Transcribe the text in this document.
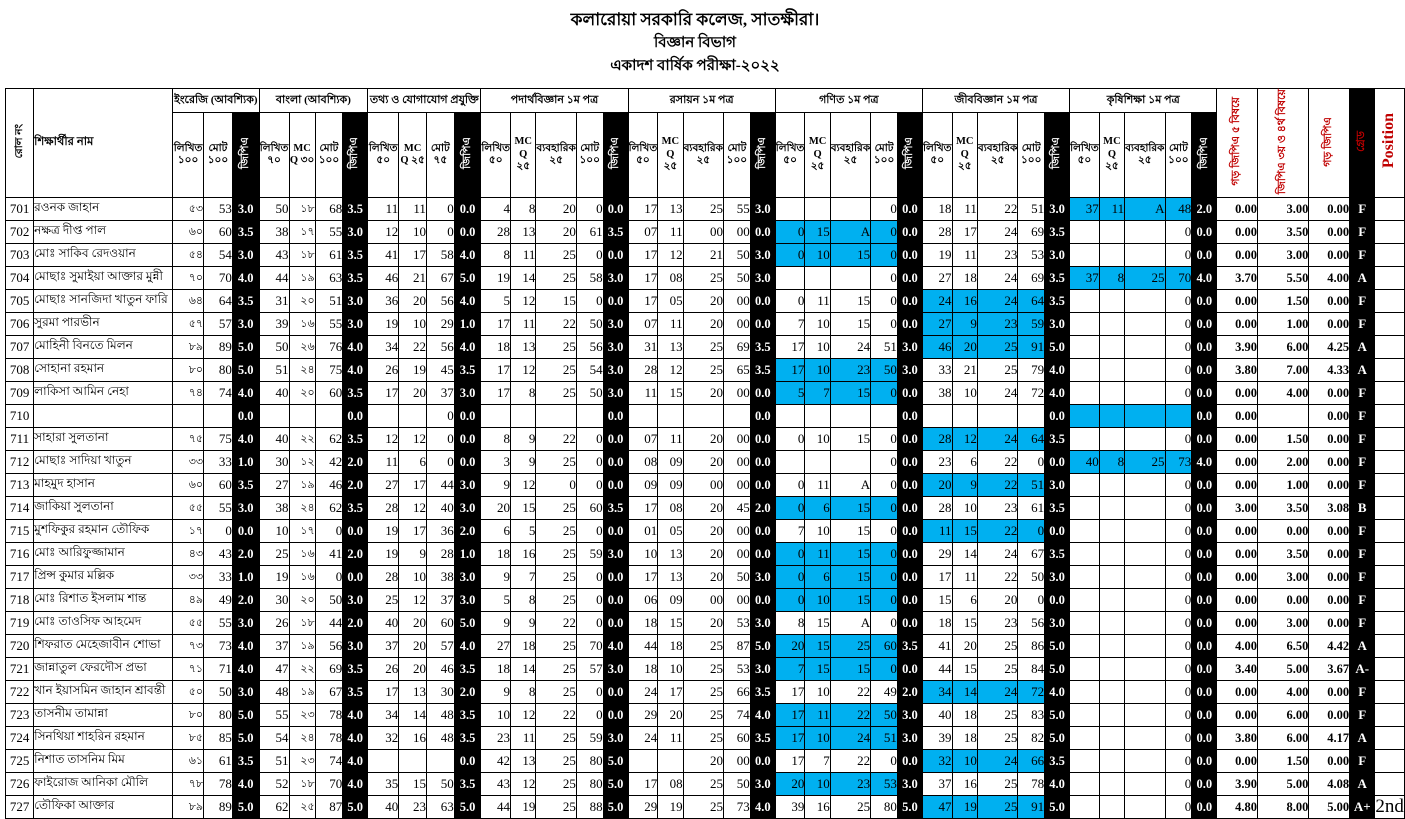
কলারোয়া সরকারি কলেজ, সাতক্ষীরা।
বিজ্ঞান বিভাগ
একাদশ বার্ষিক পরীক্ষা-২০২২
রোল নং	শিক্ষার্থীর নাম	ইংরেজি (আবশ্যিক)			বাংলা (আবশ্যিক)				তথ্য ও যোগাযোগ প্রযুক্তি				পদার্থবিজ্ঞান ১ম পত্র					রসায়ন ১ম পত্র					গণিত ১ম পত্র					জীববিজ্ঞান ১ম পত্র					কৃষিশিক্ষা ১ম পত্র					গড় জিপিএ ৫ বিষয়ে	জিপিএ ৩য় ও ৪র্থ বিষয়ে	গড় জিপিএ	গ্রেড	Position
		লিখিত ১০০	মোট ১০০	জিপিএ	লিখিত ৭০	MC Q ৩০	মোট ১০০	জিপিএ	লিখিত ৫০	MC Q ২৫	মোট ৭৫	জিপিএ	লিখিত ৫০	MC Q ২৫	ব্যবহারিক ২৫	মোট ১০০	জিপিএ	লিখিত ৫০	MC Q ২৫	ব্যবহারিক ২৫	মোট ১০০	জিপিএ	লিখিত ৫০	MC Q ২৫	ব্যবহারিক ২৫	মোট ১০০	জিপিএ	লিখিত ৫০	MC Q ২৫	ব্যবহারিক ২৫	মোট ১০০	জিপিএ	লিখিত ৫০	MC Q ২৫	ব্যবহারিক ২৫	মোট ১০০	জিপিএ					
701	রওনক জাহান	৫৩	53	3.0	50	১৮	68	3.5	11	11	0	0.0	4	8	20	0	0.0	17	13	25	55	3.0				0	0.0	18	11	22	51	3.0	37	11	A	48	2.0	0.00	3.00	0.00	F	
702	নক্ষত্র দীপ্ত পাল	৬০	60	3.5	38	১৭	55	3.0	12	10	0	0.0	28	13	20	61	3.5	07	11	00	00	0.0	0	15	A	0	0.0	28	17	24	69	3.5				0	0.0	0.00	3.50	0.00	F	
703	মোঃ সাকিব রেদওয়ান	৫৪	54	3.0	43	১৮	61	3.5	41	17	58	4.0	8	11	25	0	0.0	17	12	21	50	3.0	0	10	15	0	0.0	19	11	23	53	3.0				0	0.0	0.00	3.00	0.00	F	
704	মোছাঃ সুমাইয়া আক্তার মুন্নী	৭০	70	4.0	44	১৯	63	3.5	46	21	67	5.0	19	14	25	58	3.0	17	08	25	50	3.0				0	0.0	27	18	24	69	3.5	37	8	25	70	4.0	3.70	5.50	4.00	A	
705	মোছাঃ সানজিদা খাতুন ফারি	৬৪	64	3.5	31	২০	51	3.0	36	20	56	4.0	5	12	15	0	0.0	17	05	20	00	0.0	0	11	15	0	0.0	24	16	24	64	3.5				0	0.0	0.00	1.50	0.00	F	
706	সুরমা পারভীন	৫৭	57	3.0	39	১৬	55	3.0	19	10	29	1.0	17	11	22	50	3.0	07	11	20	00	0.0	7	10	15	0	0.0	27	9	23	59	3.0				0	0.0	0.00	1.00	0.00	F	
707	মোহিনী বিনতে মিলন	৮৯	89	5.0	50	২৬	76	4.0	34	22	56	4.0	18	13	25	56	3.0	31	13	25	69	3.5	17	10	24	51	3.0	46	20	25	91	5.0				0	0.0	3.90	6.00	4.25	A	
708	সোহানা রহমান	৮০	80	5.0	51	২৪	75	4.0	26	19	45	3.5	17	12	25	54	3.0	28	12	25	65	3.5	17	10	23	50	3.0	33	21	25	79	4.0				0	0.0	3.80	7.00	4.33	A	
709	লাকিসা আমিন নেহা	৭৪	74	4.0	40	২০	60	3.5	17	20	37	3.0	17	8	25	50	3.0	11	15	20	00	0.0	5	7	15	0	0.0	38	10	24	72	4.0				0	0.0	0.00	4.00	0.00	F	
710				0.0				0.0			0	0.0					0.0					0.0					0.0					0.0					0.0	0.00		0.00	F	
711	সাহারা সুলতানা	৭৫	75	4.0	40	২২	62	3.5	12	12	0	0.0	8	9	22	0	0.0	07	11	20	00	0.0	0	10	15	0	0.0	28	12	24	64	3.5				0	0.0	0.00	1.50	0.00	F	
712	মোছাঃ সাদিয়া খাতুন	৩৩	33	1.0	30	১২	42	2.0	11	6	0	0.0	3	9	25	0	0.0	08	09	20	00	0.0				0	0.0	23	6	22	0	0.0	40	8	25	73	4.0	0.00	2.00	0.00	F	
713	মাহমুদ হাসান	৬০	60	3.5	27	১৯	46	2.0	27	17	44	3.0	9	12	0	0	0.0	09	09	00	00	0.0	0	11	A	0	0.0	20	9	22	51	3.0				0	0.0	0.00	1.00	0.00	F	
714	জাকিয়া সুলতানা	৫৫	55	3.0	38	২৪	62	3.5	28	12	40	3.0	20	15	25	60	3.5	17	08	20	45	2.0	0	6	15	0	0.0	28	10	23	61	3.5				0	0.0	3.00	3.50	3.08	B	
715	মুশফিকুর রহমান তৌফিক	১৭	0	0.0	10	১৭	0	0.0	19	17	36	2.0	6	5	25	0	0.0	01	05	20	00	0.0	7	10	15	0	0.0	11	15	22	0	0.0				0	0.0	0.00	0.00	0.00	F	
716	মোঃ আরিফুজ্জামান	৪৩	43	2.0	25	১৬	41	2.0	19	9	28	1.0	18	16	25	59	3.0	10	13	20	00	0.0	0	11	15	0	0.0	29	14	24	67	3.5				0	0.0	0.00	3.50	0.00	F	
717	প্রিন্স কুমার মল্লিক	৩৩	33	1.0	19	১৬	0	0.0	28	10	38	3.0	9	7	25	0	0.0	17	13	20	50	3.0	0	6	15	0	0.0	17	11	22	50	3.0				0	0.0	0.00	3.00	0.00	F	
718	মোঃ রিশাত ইসলাম শান্ত	৪৯	49	2.0	30	২০	50	3.0	25	12	37	3.0	5	8	25	0	0.0	06	09	00	00	0.0	0	10	15	0	0.0	15	6	20	0	0.0				0	0.0	0.00	0.00	0.00	F	
719	মোঃ তাওসিফ আহমেদ	৫৫	55	3.0	26	১৮	44	2.0	40	20	60	5.0	9	9	22	0	0.0	18	15	20	53	3.0	8	15	A	0	0.0	18	15	23	56	3.0				0	0.0	0.00	3.00	0.00	F	
720	শিফরাত মেহেজাবীন শোভা	৭৩	73	4.0	37	১৯	56	3.0	37	20	57	4.0	27	18	25	70	4.0	44	18	25	87	5.0	20	15	25	60	3.5	41	20	25	86	5.0				0	0.0	4.00	6.50	4.42	A	
721	জান্নাতুল ফেরদৌস প্রভা	৭১	71	4.0	47	২২	69	3.5	26	20	46	3.5	18	14	25	57	3.0	18	10	25	53	3.0	7	15	15	0	0.0	44	15	25	84	5.0				0	0.0	3.40	5.00	3.67	A-	
722	খান ইয়াসমিন জাহান শ্রাবন্তী	৫০	50	3.0	48	১৯	67	3.5	17	13	30	2.0	9	8	25	0	0.0	24	17	25	66	3.5	17	10	22	49	2.0	34	14	24	72	4.0				0	0.0	0.00	4.00	0.00	F	
723	তাসনীম তামান্না	৮০	80	5.0	55	২৩	78	4.0	34	14	48	3.5	10	12	22	0	0.0	29	20	25	74	4.0	17	11	22	50	3.0	40	18	25	83	5.0				0	0.0	0.00	6.00	0.00	F	
724	সিনথিয়া শাহরিন রহমান	৮৫	85	5.0	54	২৪	78	4.0	32	16	48	3.5	23	11	25	59	3.0	24	11	25	60	3.5	17	10	24	51	3.0	39	18	25	82	5.0				0	0.0	3.80	6.00	4.17	A	
725	নিশাত তাসনিম মিম	৬১	61	3.5	51	২৩	74	4.0				0.0	42	13	25	80	5.0			20	00	0.0	17	7	22	0	0.0	32	10	24	66	3.5				0	0.0	0.00	1.50	0.00	F	
726	ফাইরোজ আনিকা মৌলি	৭৮	78	4.0	52	১৮	70	4.0	35	15	50	3.5	43	12	25	80	5.0	17	08	25	50	3.0	20	10	23	53	3.0	37	16	25	78	4.0				0	0.0	3.90	5.00	4.08	A	
727	তৌফিকা আক্তার	৮৯	89	5.0	62	২৫	87	5.0	40	23	63	5.0	44	19	25	88	5.0	29	19	25	73	4.0	39	16	25	80	5.0	47	19	25	91	5.0				0	0.0	4.80	8.00	5.00	A+	2nd
